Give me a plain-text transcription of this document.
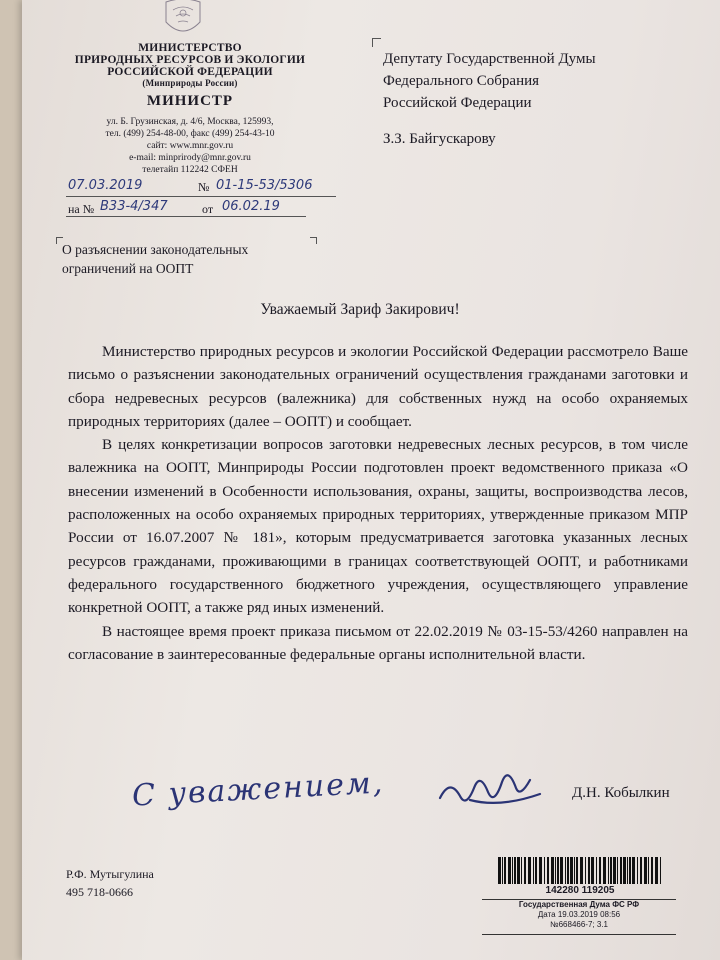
МИНИСТЕРСТВО
ПРИРОДНЫХ РЕСУРСОВ И ЭКОЛОГИИ
РОССИЙСКОЙ ФЕДЕРАЦИИ
(Минприроды России)
МИНИСТР
ул. Б. Грузинская, д. 4/6, Москва, 125993,
тел. (499) 254-48-00, факс (499) 254-43-10
сайт: www.mnr.gov.ru
e-mail: minprirody@mnr.gov.ru
телетайп 112242 СФЕН
07.03.2019	№ 01-15-53/5306
на № В33-4/347	от 06.02.19
Депутату Государственной Думы
Федерального Собрания
Российской Федерации
З.З. Байгускарову
О разъяснении законодательных
ограничений на ООПТ
Уважаемый Зариф Закирович!

Министерство природных ресурсов и экологии Российской Федерации рассмотрело Ваше письмо о разъяснении законодательных ограничений осуществления гражданами заготовки и сбора недревесных ресурсов (валежника) для собственных нужд на особо охраняемых природных территориях (далее – ООПТ) и сообщает.

В целях конкретизации вопросов заготовки недревесных лесных ресурсов, в том числе валежника на ООПТ, Минприроды России подготовлен проект ведомственного приказа «О внесении изменений в Особенности использования, охраны, защиты, воспроизводства лесов, расположенных на особо охраняемых природных территориях, утвержденные приказом МПР России от 16.07.2007 № 181», которым предусматривается заготовка указанных лесных ресурсов гражданами, проживающими в границах соответствующей ООПТ, и работниками федерального государственного бюджетного учреждения, осуществляющего управление конкретной ООПТ, а также ряд иных изменений.

В настоящее время проект приказа письмом от 22.02.2019 № 03-15-53/4260 направлен на согласование в заинтересованные федеральные органы исполнительной власти.

С уважением,	Д.Н. Кобылкин
Р.Ф. Мутыгулина
495 718-0666	142280 119205
Государственная Дума ФС РФ
Дата 19.03.2019 08:56
№668466-7; 3.1
